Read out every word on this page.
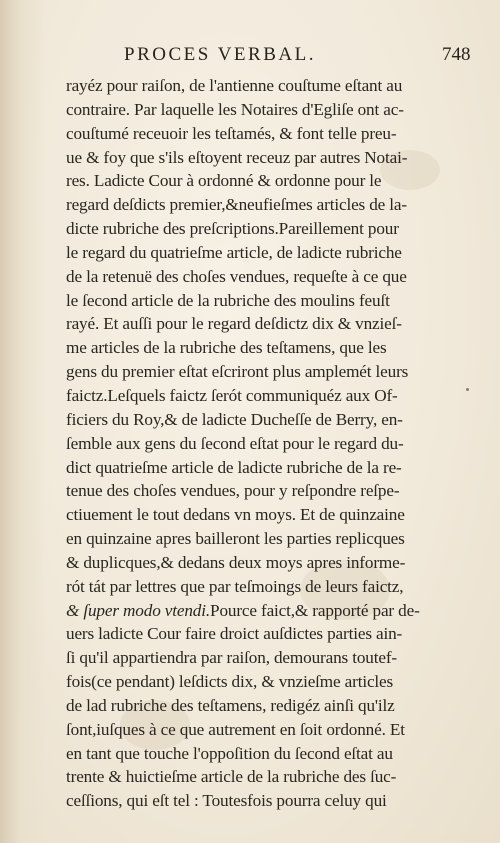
PROCES VERBAL.	748
rayéz pour raiſon, de l'antienne couſtume eſtant au
contraire. Par laquelle les Notaires d'Egliſe ont ac-
couſtumé receuoir les teſtamés, & font telle preu-
ue & foy que s'ils eſtoyent receuz par autres Notai-
res. Ladicte Cour à ordonné & ordonne pour le
regard deſdicts premier,&neufieſmes articles de la-
dicte rubriche des preſcriptions.Pareillement pour
le regard du quatrieſme article, de ladicte rubriche
de la retenuë des choſes vendues, requeſte à ce que
le ſecond article de la rubriche des moulins feuſt
rayé. Et auſſi pour le regard deſdictz dix & vnzieſ-
me articles de la rubriche des teſtamens, que les
gens du premier eſtat eſcriront plus amplemét leurs
faictz.Leſquels faictz ſerót communiquéz aux Of-
ficiers du Roy,& de ladicte Ducheſſe de Berry, en-
ſemble aux gens du ſecond eſtat pour le regard du-
dict quatrieſme article de ladicte rubriche de la re-
tenue des choſes vendues, pour y reſpondre reſpe-
ctiuement le tout dedans vn moys. Et de quinzaine
en quinzaine apres bailleront les parties replicques
& duplicques,& dedans deux moys apres informe-
rót tát par lettres que par teſmoings de leurs faictz,
& ſuper modo vtendi.Pource faict,& rapporté par de-
uers ladicte Cour faire droict auſdictes parties ain-
ſi qu'il appartiendra par raiſon, demourans toutef-
fois(ce pendant) leſdicts dix, & vnzieſme articles
de lad rubriche des teſtamens, redigéz ainſi qu'ilz
ſont,iuſques à ce que autrement en ſoit ordonné. Et
en tant que touche l'oppoſition du ſecond eſtat au
trente & huictieſme article de la rubriche des ſuc-
ceſſions, qui eſt tel : Toutesfois pourra celuy qui
